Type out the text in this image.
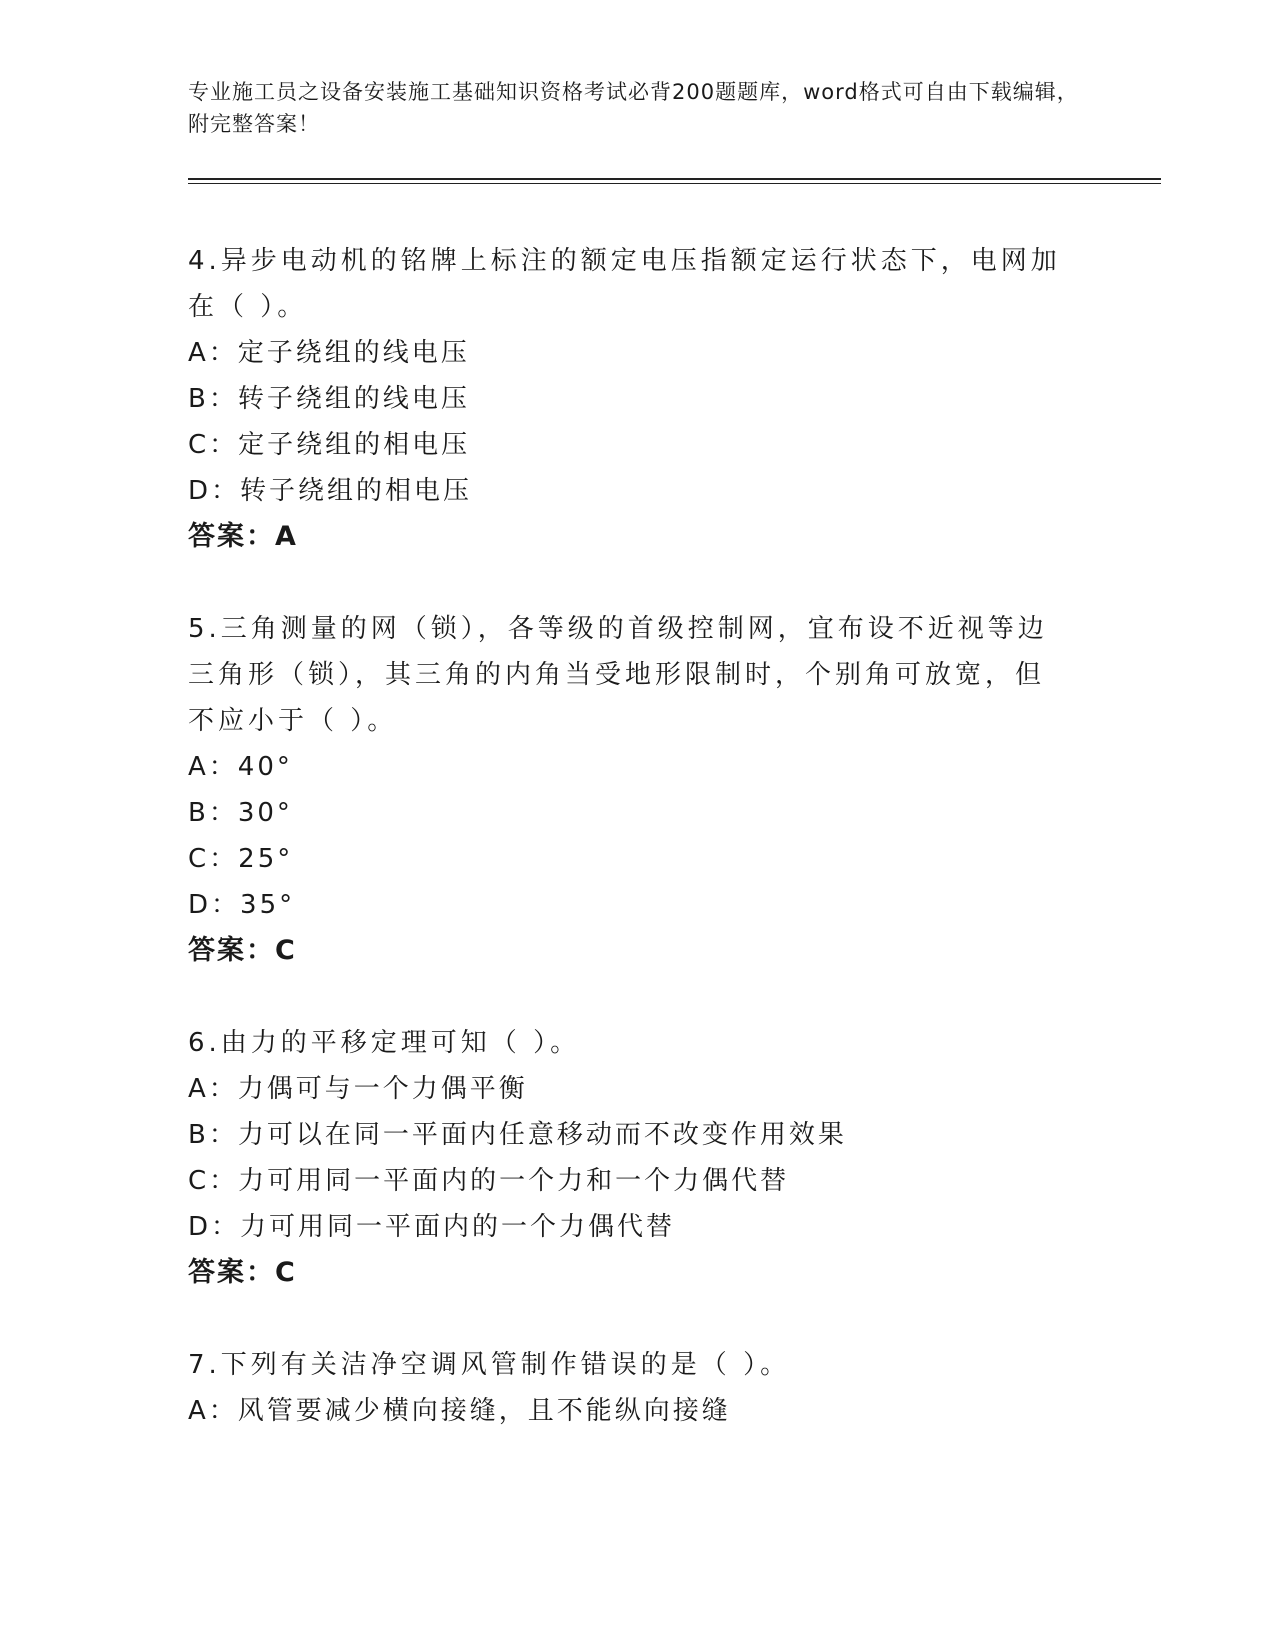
专业施工员之设备安装施工基础知识资格考试必背200题题库，word格式可自由下载编辑，附完整答案！

4.异步电动机的铭牌上标注的额定电压指额定运行状态下，电网加在（ ）。

A： 定子绕组的线电压

B： 转子绕组的线电压

C： 定子绕组的相电压

D： 转子绕组的相电压

答案：A

5.三角测量的网（锁），各等级的首级控制网，宜布设不近视等边三角形（锁），其三角的内角当受地形限制时，个别角可放宽，但不应小于（ ）。

A： 40°

B： 30°

C： 25°

D： 35°

答案：C

6.由力的平移定理可知（ ）。

A： 力偶可与一个力偶平衡

B： 力可以在同一平面内任意移动而不改变作用效果

C： 力可用同一平面内的一个力和一个力偶代替

D： 力可用同一平面内的一个力偶代替

答案：C

7.下列有关洁净空调风管制作错误的是（ ）。

A： 风管要减少横向接缝，且不能纵向接缝
